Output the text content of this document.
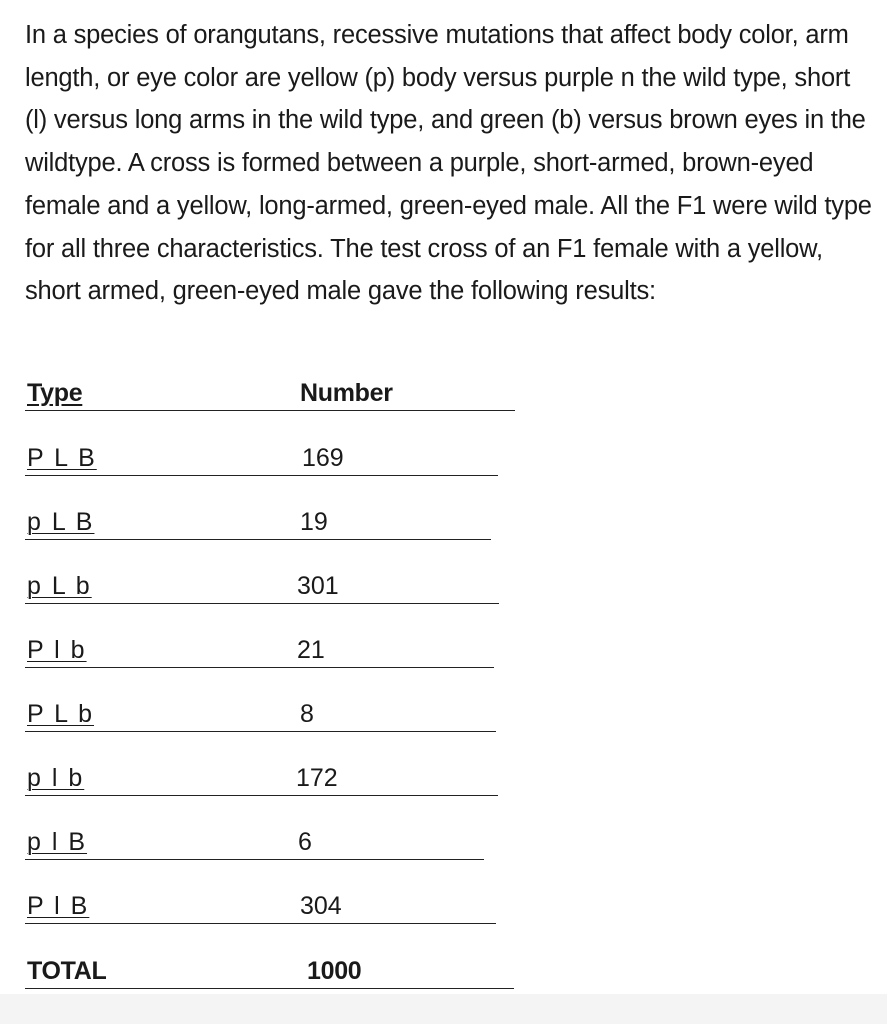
In a species of orangutans, recessive mutations that affect body color, arm length, or eye color are yellow (p) body versus purple n the wild type, short (l) versus long arms in the wild type, and green (b) versus brown eyes in the wildtype. A cross is formed between a purple, short-armed, brown-eyed female and a yellow, long-armed, green-eyed male. All the F1 were wild type for all three characteristics. The test cross of an F1 female with a yellow, short armed, green-eyed male gave the following results:

Type	Number
P L B	169
p L B	19
p L b	301
P l b	21
P L b	8
p l b	172
p l B	6
P l B	304
TOTAL	1000
